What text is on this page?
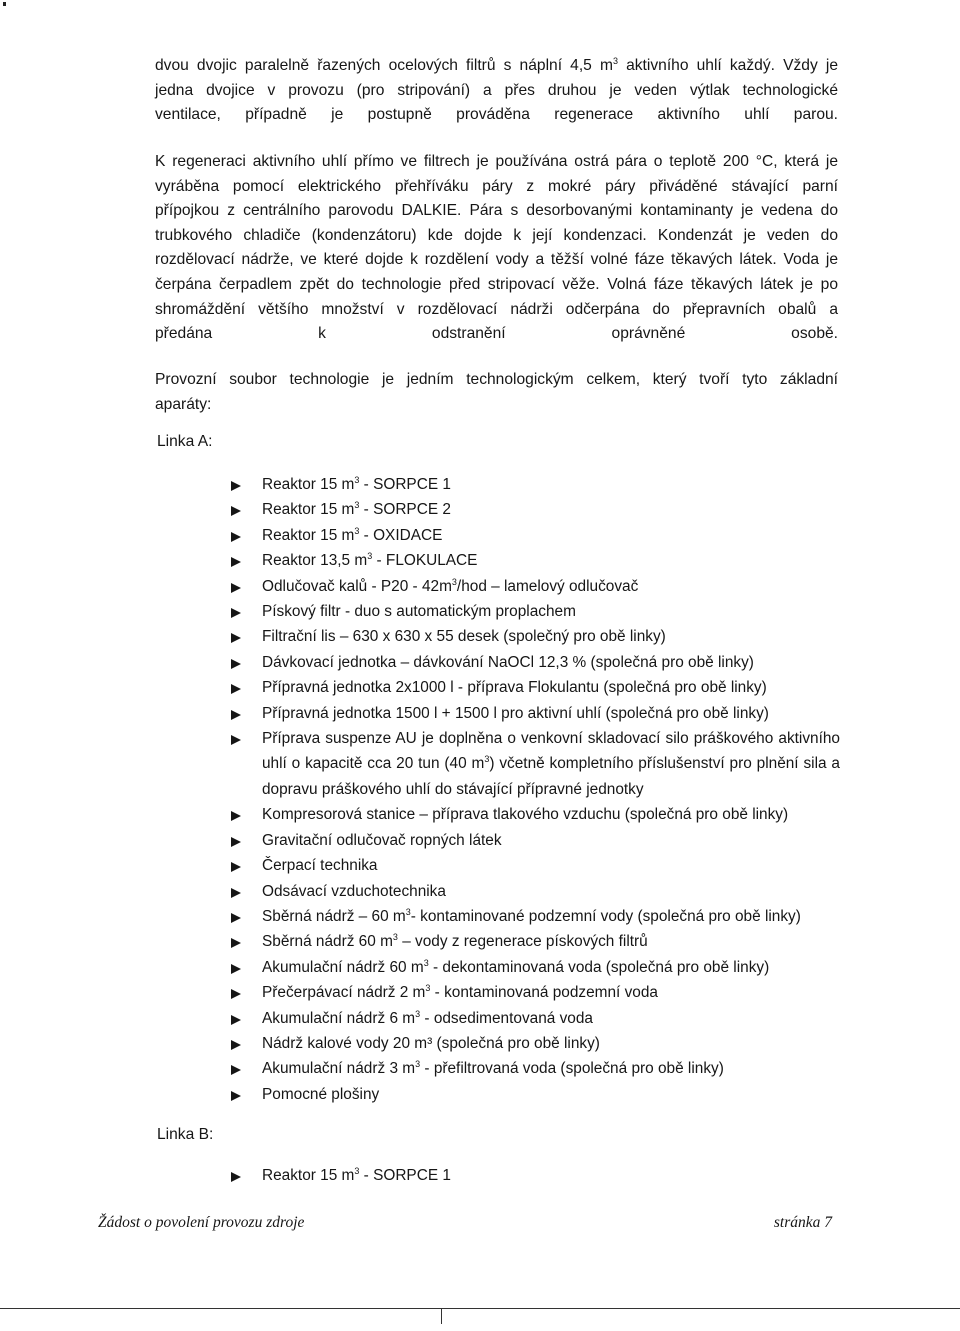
dvou dvojic paralelně řazených ocelových filtrů s náplní 4,5 $m^3$ aktivního uhlí každý. Vždy je
jedna dvojice v provozu (pro stripování) a přes druhou je veden výtlak technologické
ventilace, případně je postupně prováděna regenerace aktivního uhlí parou.

K regeneraci aktivního uhlí přímo ve filtrech je používána ostrá pára o teplotě 200 °C, která je
vyráběna pomocí elektrického přehříváku páry z mokré páry přiváděné stávající parní
přípojkou z centrálního parovodu DALKIE. Pára s desorbovanými kontaminanty je vedena do
trubkového chladiče (kondenzátoru) kde dojde k její kondenzaci. Kondenzát je veden do
rozdělovací nádrže, ve které dojde k rozdělení vody a těžší volné fáze těkavých látek. Voda je
čerpána čerpadlem zpět do technologie před stripovací věže. Volná fáze těkavých látek je po
shromáždění většího množství v rozdělovací nádrži odčerpána do přepravních obalů a
předána k odstranění oprávněné osobě.

Provozní soubor technologie je jedním technologickým celkem, který tvoří tyto základní
aparáty:

Linka A:

Reaktor 15 $m^3$ - SORPCE 1
Reaktor 15 $m^3$ - SORPCE 2
Reaktor 15 $m^3$ - OXIDACE
Reaktor 13,5 $m^3$ - FLOKULACE
Odlučovač kalů - $P20 - 42m^3$/hod – lamelový odlučovač
Pískový filtr - duo s automatickým proplachem
Filtrační lis – 630 x 630 x 55 desek (společný pro obě linky)
Dávkovací jednotka – dávkování NaOCl 12,3 % (společná pro obě linky)
Přípravná jednotka 2x1000 l - příprava Flokulantu (společná pro obě linky)
Přípravná jednotka 1500 l + 1500 l pro aktivní uhlí (společná pro obě linky)
Příprava suspenze AU je doplněna o venkovní skladovací silo práškového aktivního uhlí o kapacitě cca 20 tun (40 $m^3$) včetně kompletního příslušenství pro plnění sila a dopravu práškového uhlí do stávající přípravné jednotky
Kompresorová stanice – příprava tlakového vzduchu (společná pro obě linky)
Gravitační odlučovač ropných látek
Čerpací technika
Odsávací vzduchotechnika
Sběrná nádrž – 60 $m^3-$ kontaminované podzemní vody (společná pro obě linky)
Sběrná nádrž 60 $m^3$ – vody z regenerace pískových filtrů
Akumulační nádrž 60 $m^3$ - dekontaminovaná voda (společná pro obě linky)
Přečerpávací nádrž 2 $m^3$ - kontaminovaná podzemní voda
Akumulační nádrž 6 $m^3$ - odsedimentovaná voda
Nádrž kalové vody 20 m³ (společná pro obě linky)
Akumulační nádrž 3 $m^3$ - přefiltrovaná voda (společná pro obě linky)
Pomocné plošiny

Linka B:

Reaktor 15 $m^3$ - SORPCE 1
Žádost o povolení provozu zdroje	stránka 7
